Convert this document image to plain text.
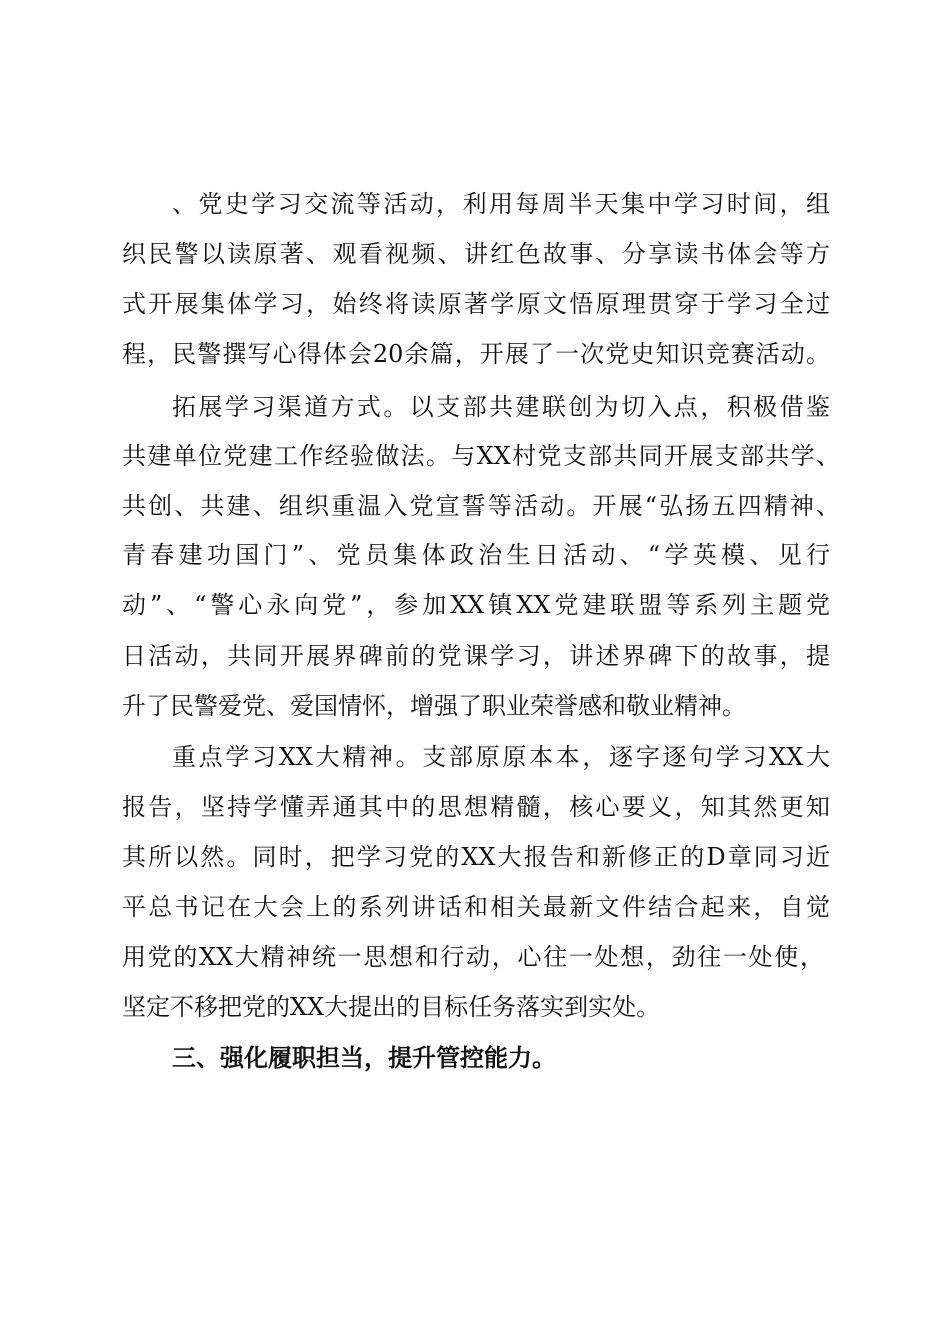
、党史学习交流等活动，利用每周半天集中学习时间，组
织民警以读原著、观看视频、讲红色故事、分享读书体会等方
式开展集体学习，始终将读原著学原文悟原理贯穿于学习全过
程，民警撰写心得体会20余篇，开展了一次党史知识竞赛活动。
拓展学习渠道方式。以支部共建联创为切入点，积极借鉴
共建单位党建工作经验做法。与XX村党支部共同开展支部共学、
共创、共建、组织重温入党宣誓等活动。开展“弘扬五四精神、
青春建功国门”、党员集体政治生日活动、“学英模、见行
动”、“警心永向党”，参加XX镇XX党建联盟等系列主题党
日活动，共同开展界碑前的党课学习，讲述界碑下的故事，提
升了民警爱党、爱国情怀，增强了职业荣誉感和敬业精神。
重点学习XX大精神。支部原原本本，逐字逐句学习XX大
报告，坚持学懂弄通其中的思想精髓，核心要义，知其然更知
其所以然。同时，把学习党的XX大报告和新修正的D章同习近
平总书记在大会上的系列讲话和相关最新文件结合起来，自觉
用党的XX大精神统一思想和行动，心往一处想，劲往一处使，
坚定不移把党的XX大提出的目标任务落实到实处。
三、强化履职担当，提升管控能力。
